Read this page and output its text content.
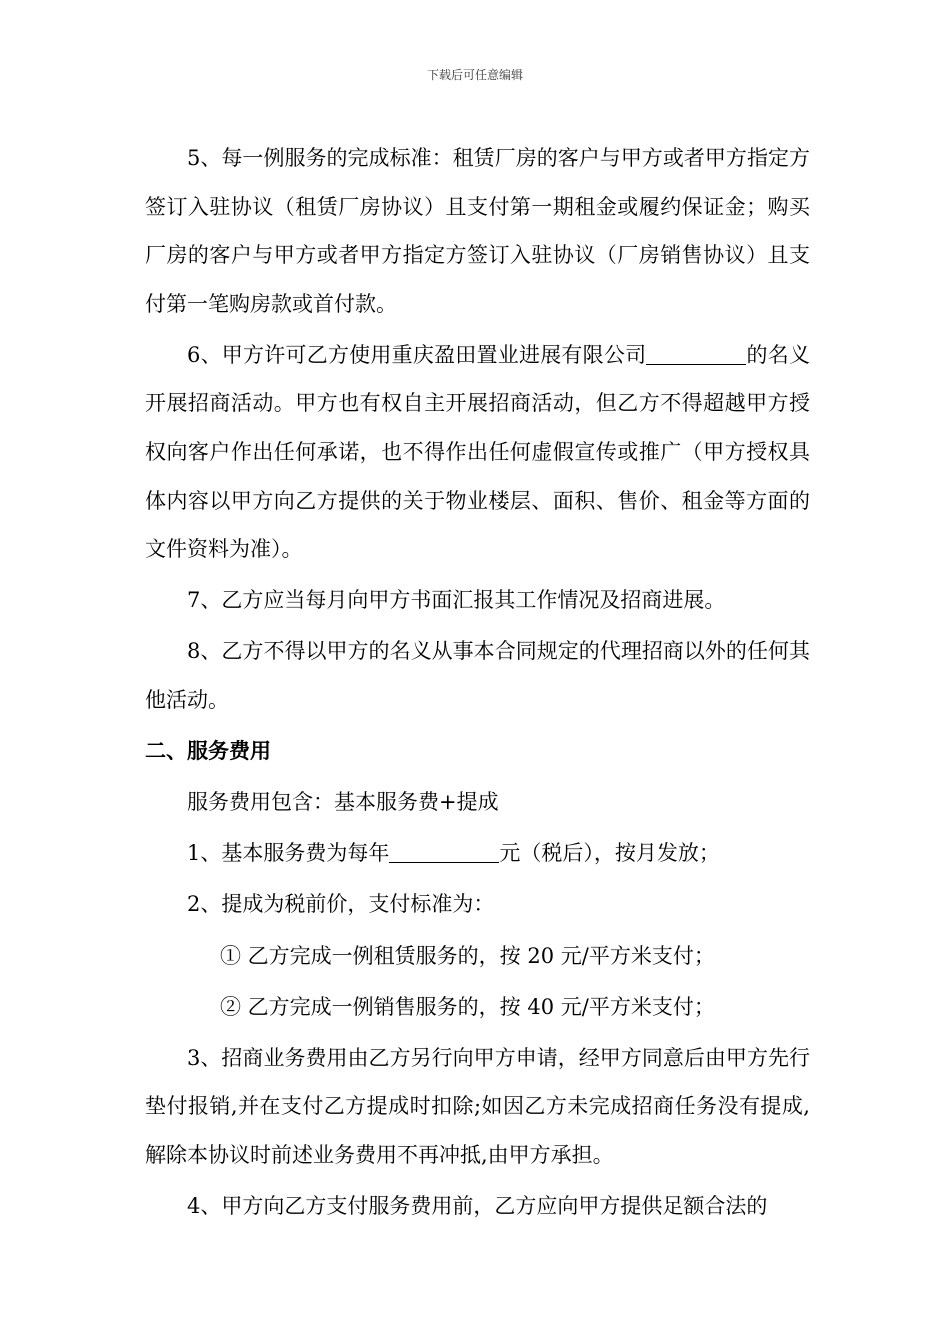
下载后可任意编辑

5、每一例服务的完成标准：租赁厂房的客户与甲方或者甲方指定方签订入驻协议（租赁厂房协议）且支付第一期租金或履约保证金；购买厂房的客户与甲方或者甲方指定方签订入驻协议（厂房销售协议）且支付第一笔购房款或首付款。

6、甲方许可乙方使用重庆盈田置业进展有限公司	的名义开展招商活动。甲方也有权自主开展招商活动，但乙方不得超越甲方授权向客户作出任何承诺，也不得作出任何虚假宣传或推广（甲方授权具体内容以甲方向乙方提供的关于物业楼层、面积、售价、租金等方面的文件资料为准）。

7、乙方应当每月向甲方书面汇报其工作情况及招商进展。

8、乙方不得以甲方的名义从事本合同规定的代理招商以外的任何其他活动。

二、服务费用

服务费用包含：基本服务费+提成

1、基本服务费为每年	元（税后），按月发放；

2、提成为税前价，支付标准为：

① 乙方完成一例租赁服务的，按 20 元/平方米支付；

② 乙方完成一例销售服务的，按 40 元/平方米支付；

3、招商业务费用由乙方另行向甲方申请，经甲方同意后由甲方先行垫付报销,并在支付乙方提成时扣除;如因乙方未完成招商任务没有提成,解除本协议时前述业务费用不再冲抵,由甲方承担。

4、甲方向乙方支付服务费用前，乙方应向甲方提供足额合法的
